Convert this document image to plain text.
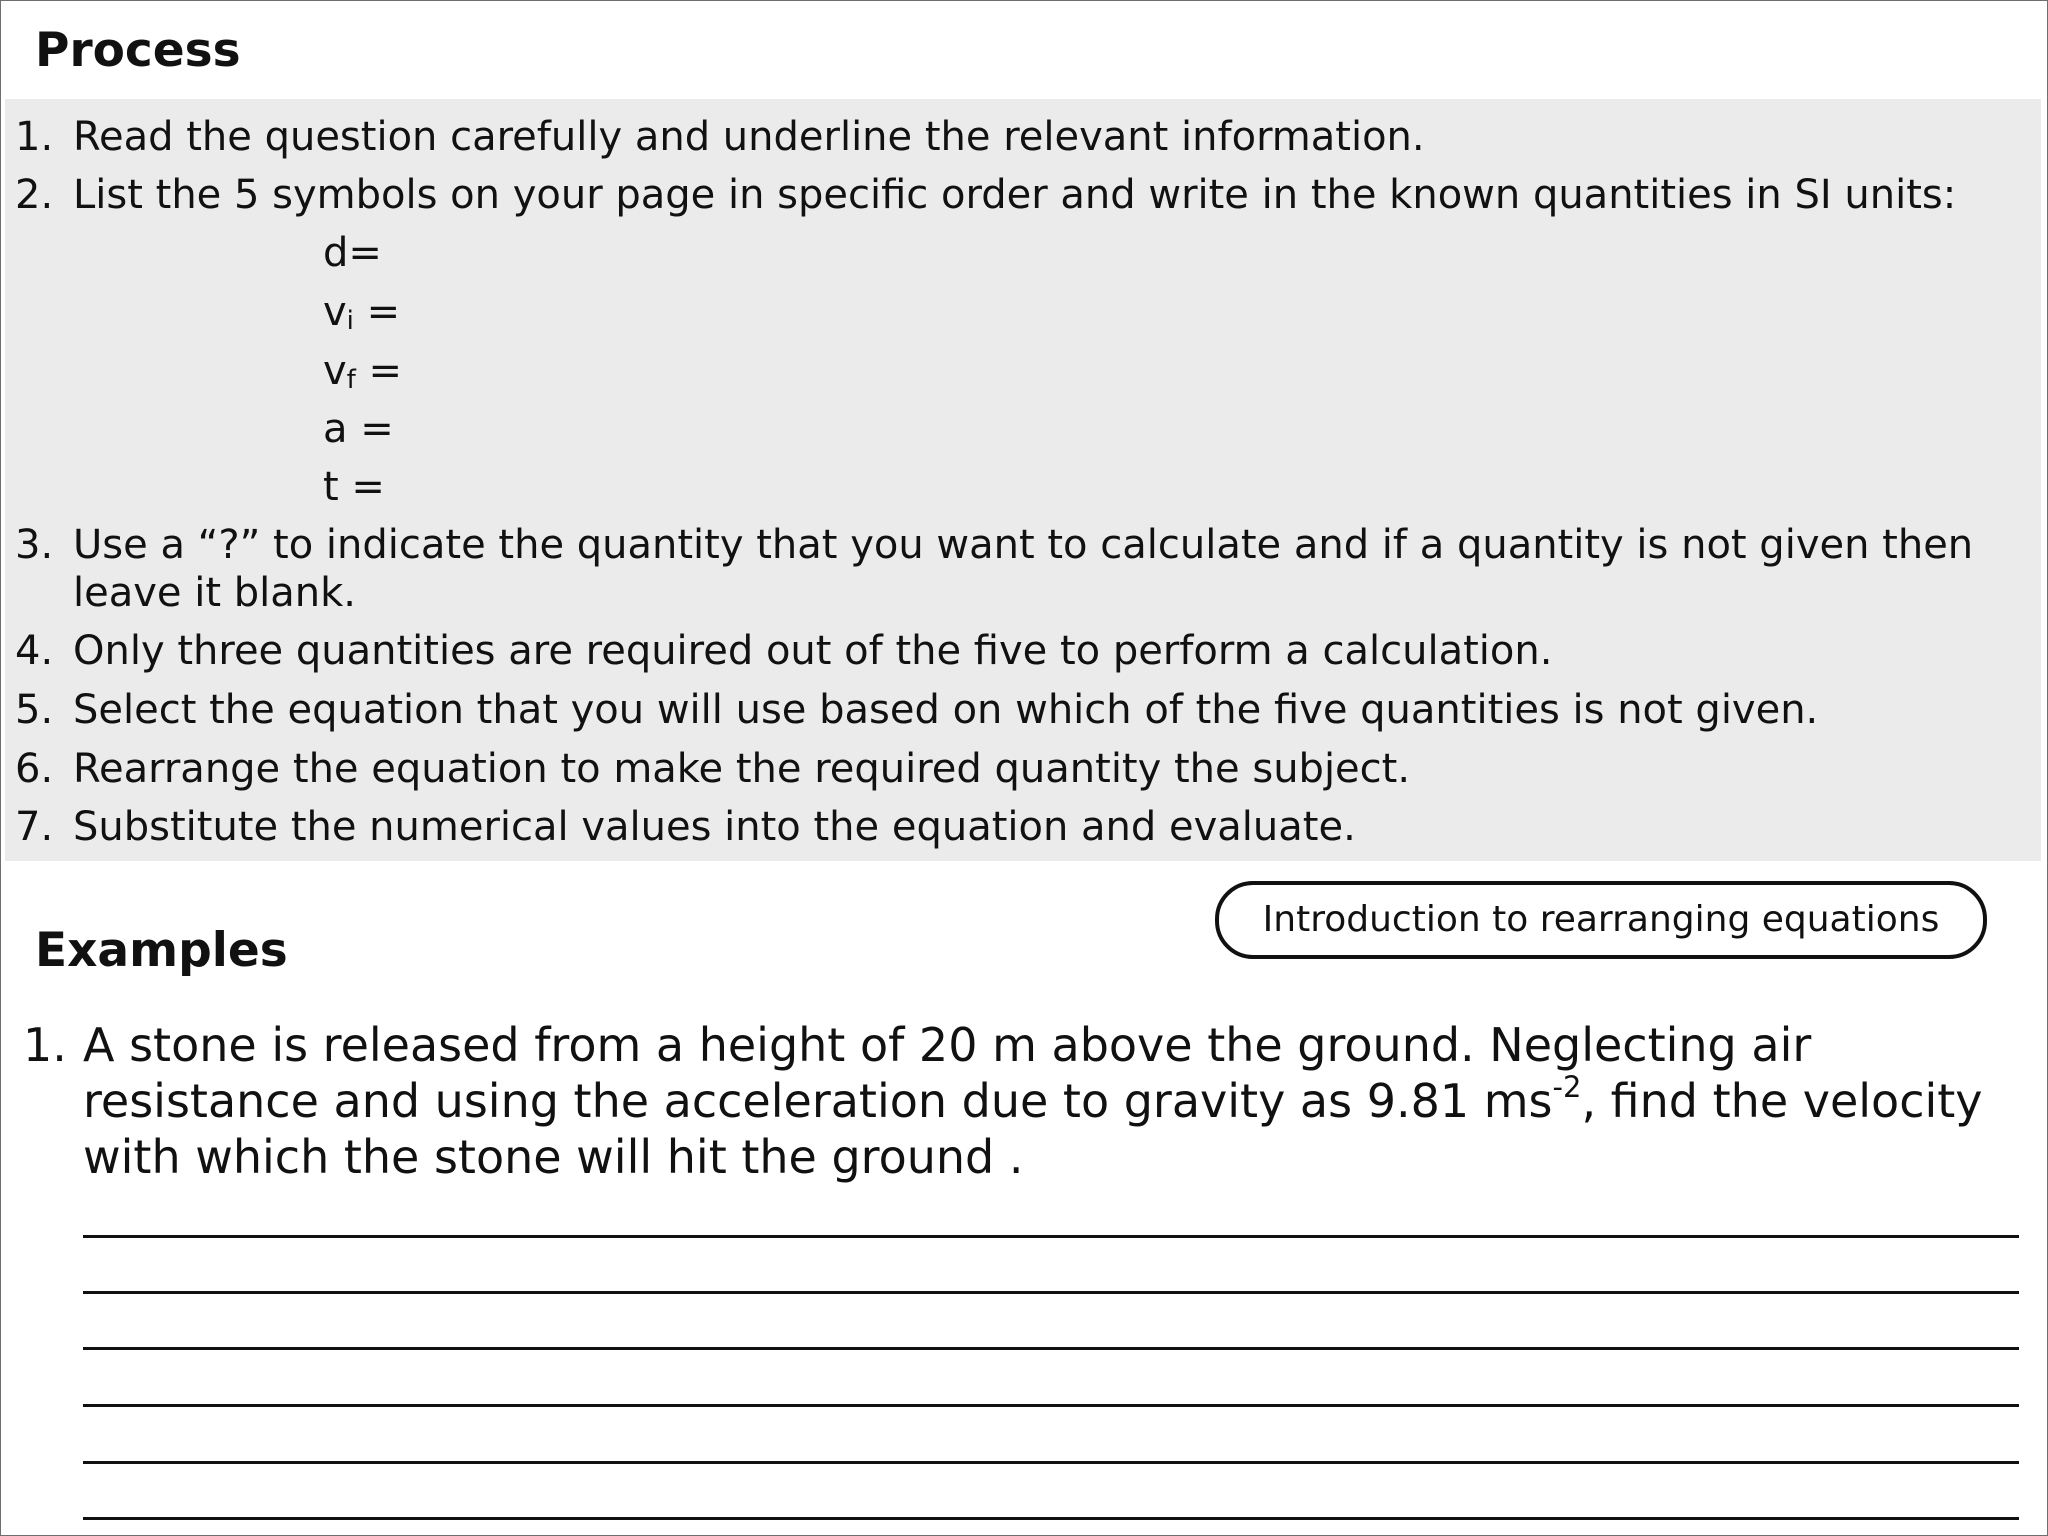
Process
1. Read the question carefully and underline the relevant information.
2. List the 5 symbols on your page in specific order and write in the known quantities in SI units:
d=
$v_i$ =
$v_f$ =
a =
t =
3. Use a “?” to indicate the quantity that you want to calculate and if a quantity is not given then
leave it blank.
4. Only three quantities are required out of the five to perform a calculation.
5. Select the equation that you will use based on which of the five quantities is not given.
6. Rearrange the equation to make the required quantity the subject.
7. Substitute the numerical values into the equation and evaluate.
Introduction to rearranging equations
Examples
1. A stone is released from a height of 20 m above the ground. Neglecting air
resistance and using the acceleration due to gravity as 9.81 $ms^{-2}$, find the velocity
with which the stone will hit the ground .
